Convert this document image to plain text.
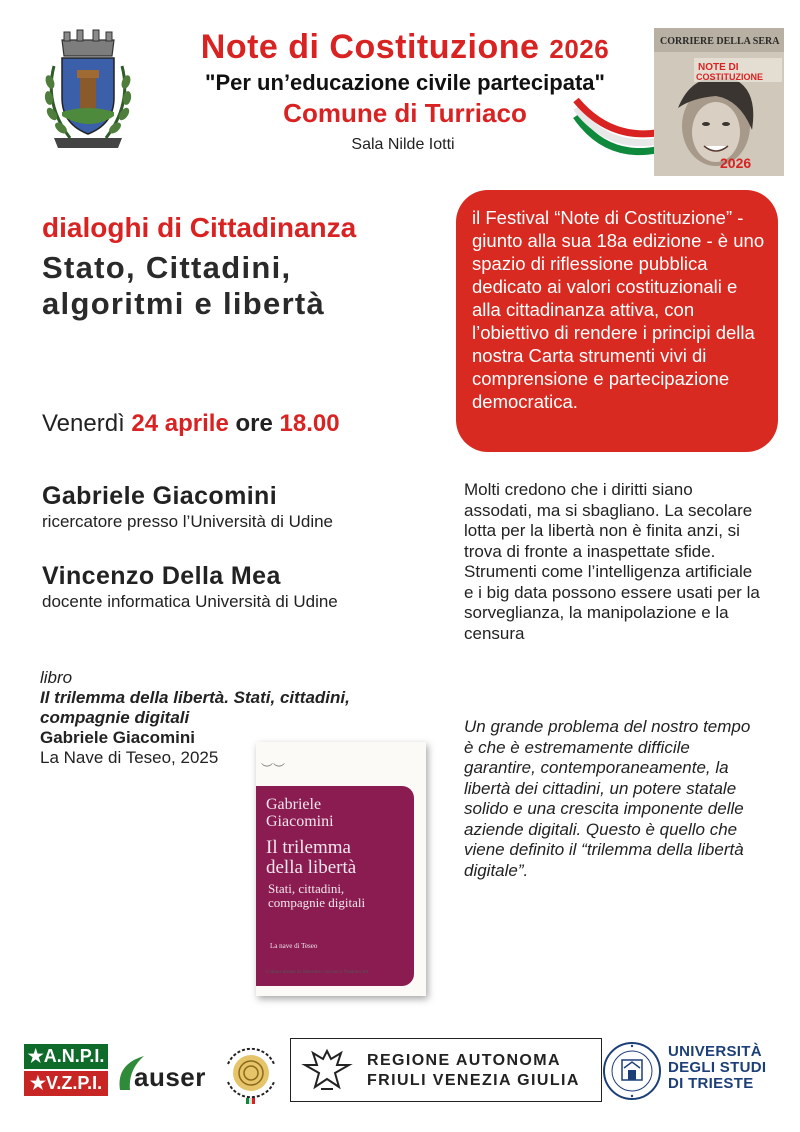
Note di Costituzione 2026
"Per un’educazione civile partecipata"
Comune di Turriaco
Sala Nilde Iotti
CORRIERE DELLA SERA
NOTE DI
COSTITUZIONE
2026
dialoghi di Cittadinanza
Stato, Cittadini,
algoritmi e libertà
Venerdì 24 aprile ore 18.00
Gabriele Giacomini
ricercatore presso l’Università di Udine
Vincenzo Della Mea
docente informatica Università di Udine
libro
Il trilemma della libertà. Stati, cittadini, compagnie digitali
Gabriele Giacomini
La Nave di Teseo, 2025
︶︶
Gabriele
Giacomini
Il trilemma
della libertà
Stati, cittadini,
compagnie digitali
La nave di Teseo
Collana diretta da Massimo Cacciari e Natalino Irti
il Festival “Note di Costituzione” - giunto alla sua 18a edizione - è uno spazio di riflessione pubblica dedicato ai valori costituzionali e alla cittadinanza attiva, con l’obiettivo di rendere i principi della nostra Carta strumenti vivi di comprensione e partecipazione democratica.
Molti credono che i diritti siano assodati, ma si sbagliano. La secolare lotta per la libertà non è finita anzi, si trova di fronte a inaspettate sfide. Strumenti come l’intelligenza artificiale e i big data possono essere usati per la sorveglianza, la manipolazione e la censura
Un grande problema del nostro tempo è che è estremamente difficile garantire, contemporaneamente, la libertà dei cittadini, un potere statale solido e una crescita imponente delle aziende digitali. Questo è quello che viene definito il “trilemma della libertà digitale”.
★A.N.P.I.
★V.Z.P.I. auser
REGIONE AUTONOMA
FRIULI VENEZIA GIULIA
UNIVERSITÀ
DEGLI STUDI
DI TRIESTE
